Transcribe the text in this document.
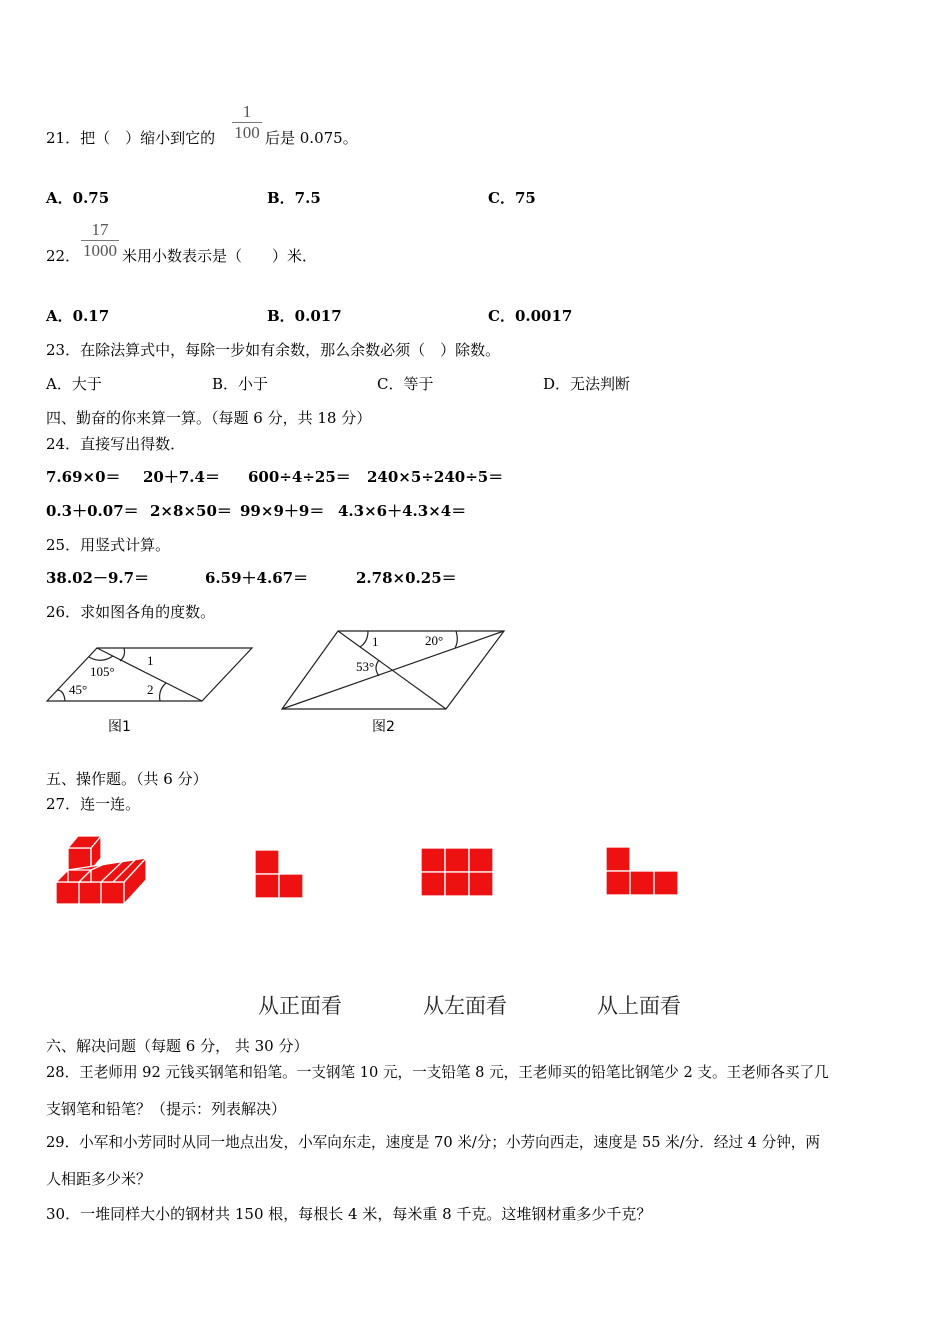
21．把（　）缩小到它的
1
100 后是 0.075。
A．0.75	B．7.5	C．75
22．
17
1000 米用小数表示是（　　）米．
A．0.17	B．0.017	C．0.0017
23．在除法算式中，每除一步如有余数，那么余数必须（　）除数。
A．大于	B．小于	C．等于	D．无法判断
四、勤奋的你来算一算。（每题 6 分，共 18 分）
24．直接写出得数．
7.69×0＝ 20＋7.4＝ 600÷4÷25＝ 240×5÷240÷5＝
0.3＋0.07＝ 2×8×50＝ 99×9＋9＝ 4.3×6＋4.3×4＝
25．用竖式计算。
38.02－9.7＝	6.59＋4.67＝	2.78×0.25＝
26．求如图各角的度数。
105°
45°
1
2
1	20°
53°
图1	图2
五、操作题。（共 6 分）
27．连一连。
从正面看	从左面看	从上面看
六、解决问题（每题 6 分， 共 30 分）
28．王老师用 92 元钱买钢笔和铅笔。一支钢笔 10 元，一支铅笔 8 元，王老师买的铅笔比钢笔少 2 支。王老师各买了几
支钢笔和铅笔？（提示：列表解决）
29．小军和小芳同时从同一地点出发，小军向东走，速度是 70 米/分；小芳向西走，速度是 55 米/分．经过 4 分钟，两
人相距多少米？
30．一堆同样大小的钢材共 150 根，每根长 4 米，每米重 8 千克。这堆钢材重多少千克？
